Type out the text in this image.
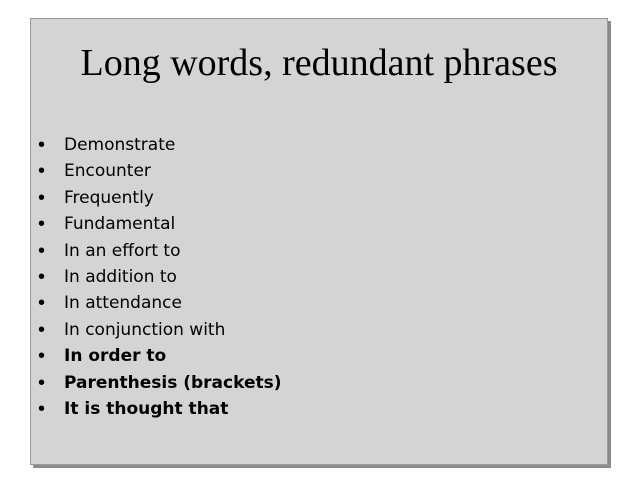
Long words, redundant phrases
• Demonstrate
• Encounter
• Frequently
• Fundamental
• In an effort to
• In addition to
• In attendance
• In conjunction with
• In order to
• Parenthesis (brackets)
• It is thought that
